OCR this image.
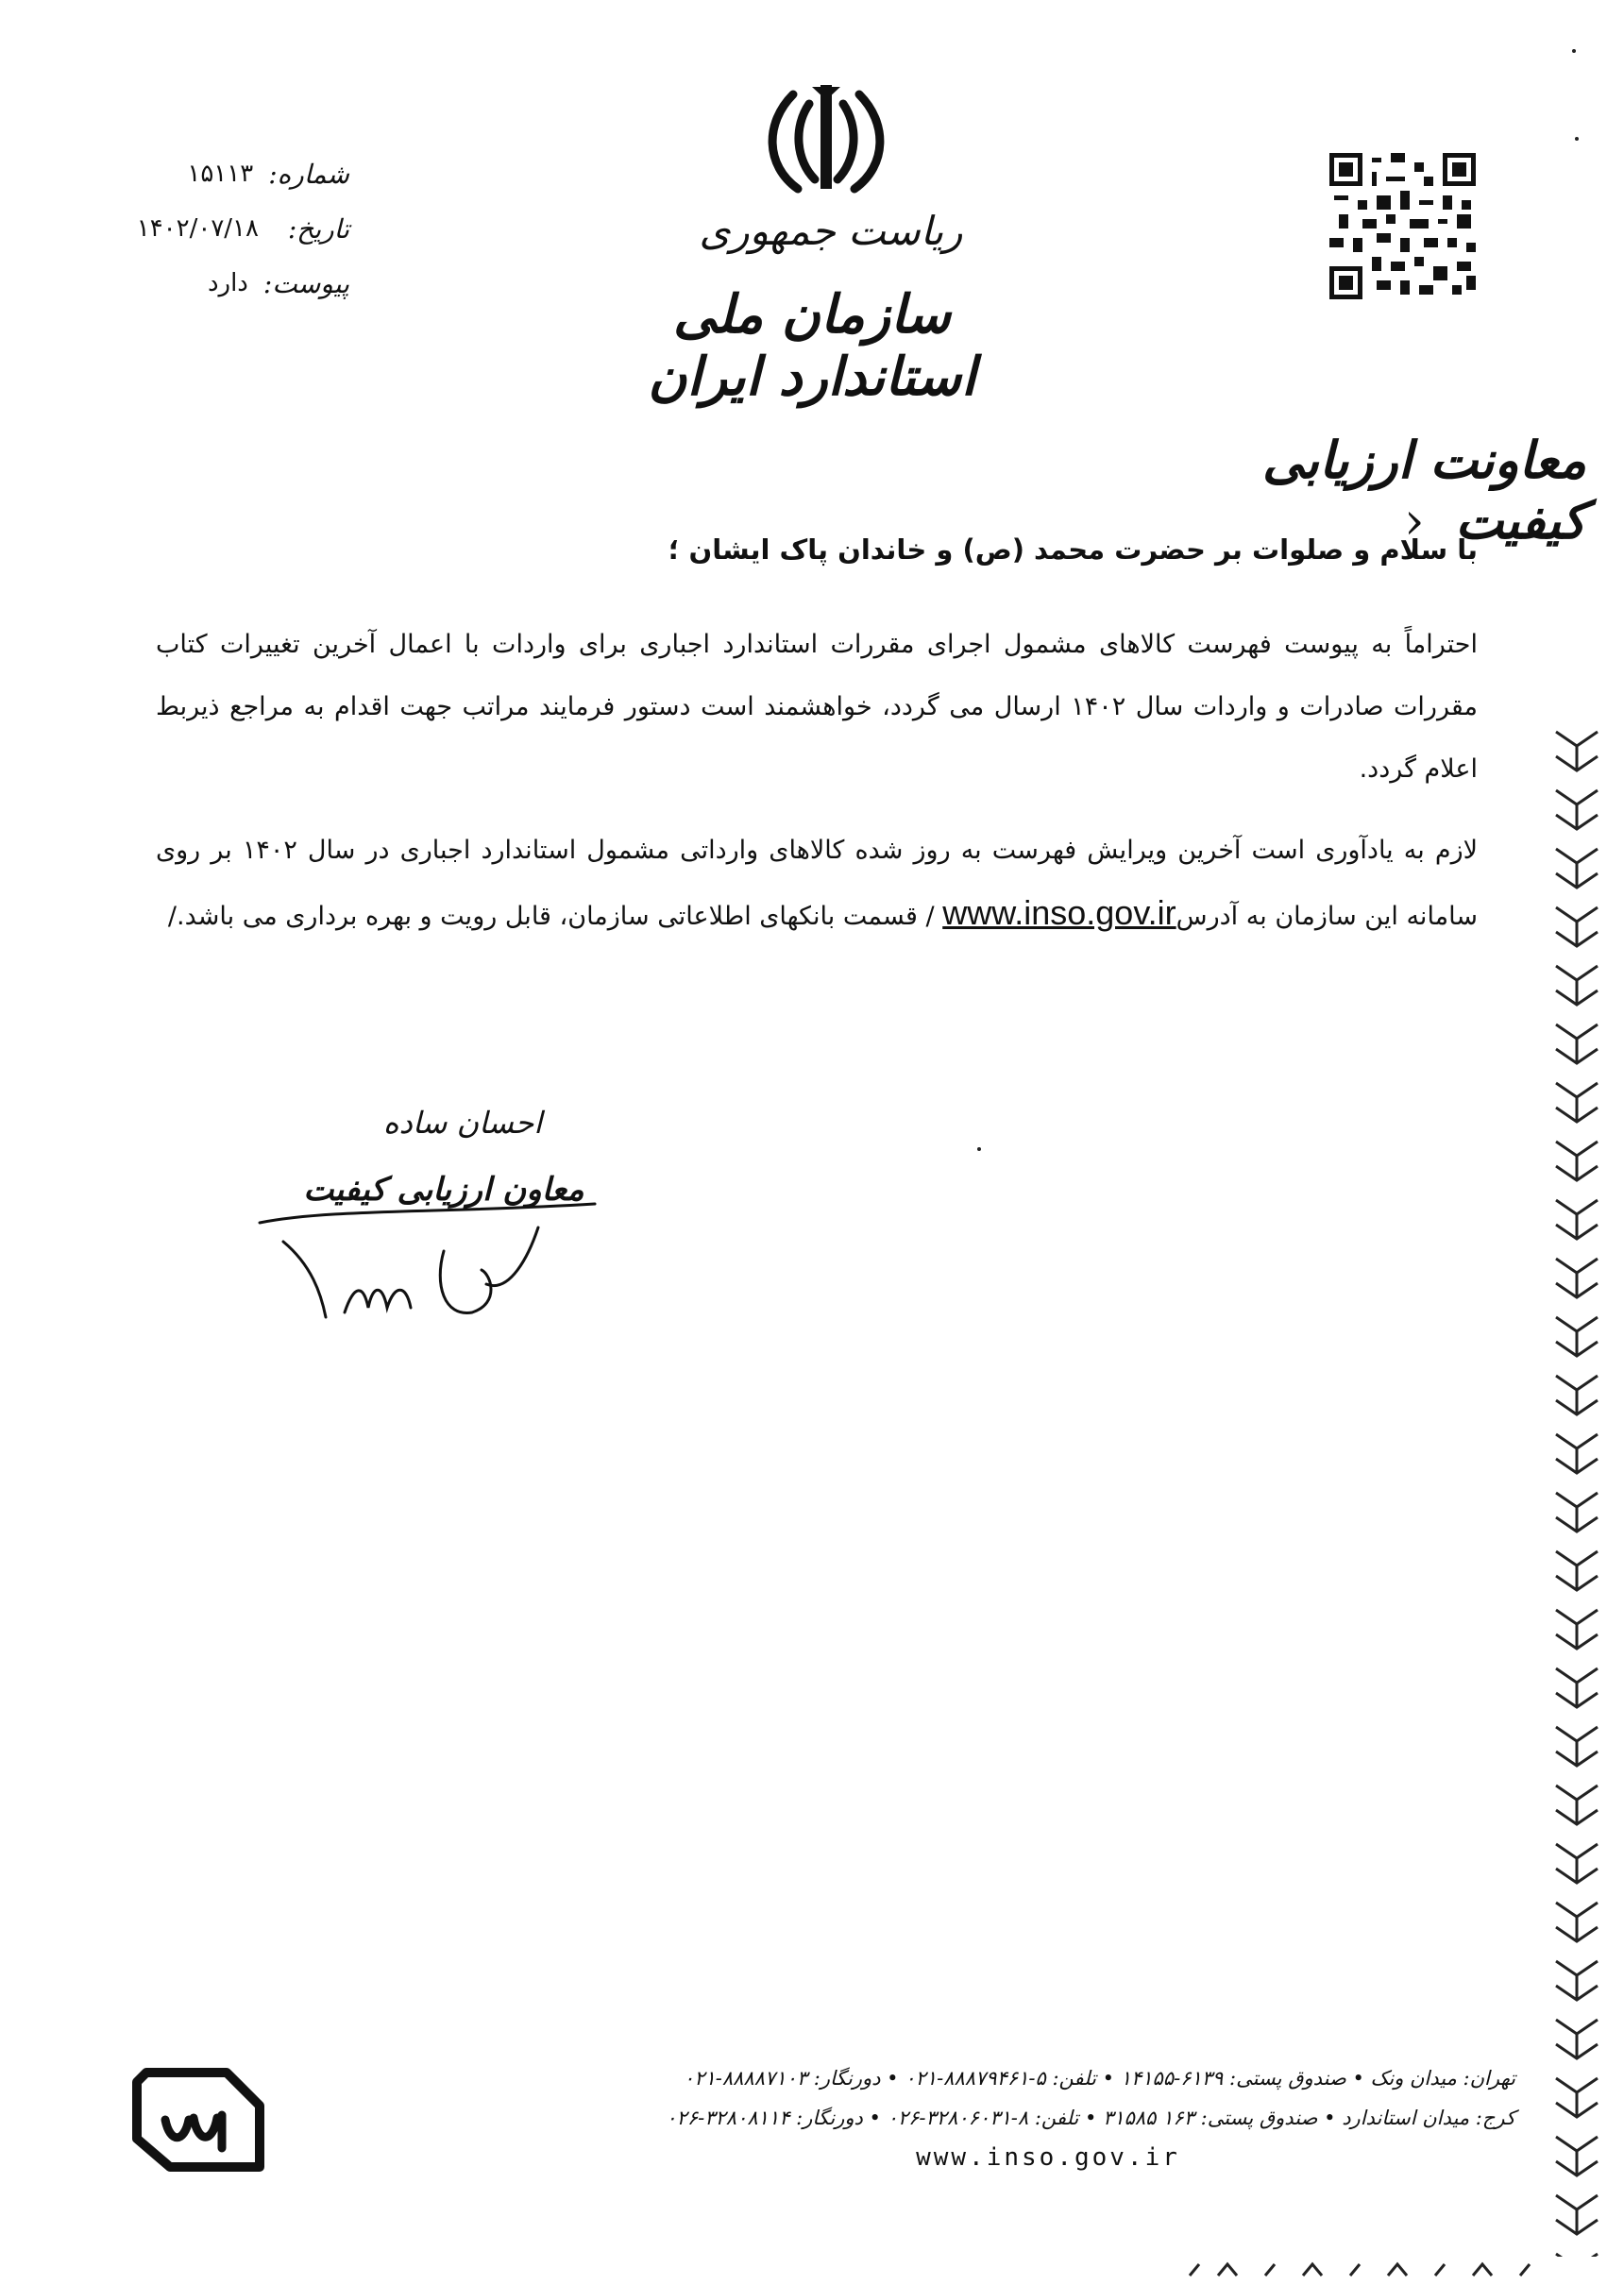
ریاست جمهوری
سازمان ملی استاندارد ایران
شماره:
۱۵۱۱۳
تاریخ:
۱۴۰۲/۰۷/۱۸
پیوست:
دارد
معاونت ارزیابی کیفیت ‹
با سلام و صلوات بر حضرت محمد (ص) و خاندان پاک ایشان ؛
احتراماً به پیوست فهرست کالاهای مشمول اجرای مقررات استاندارد اجباری برای واردات با اعمال آخرین تغییرات کتاب مقررات صادرات و واردات سال ۱۴۰۲ ارسال می گردد، خواهشمند است دستور فرمایند مراتب جهت اقدام به مراجع ذیربط اعلام گردد.
لازم به یادآوری است آخرین ویرایش فهرست به روز شده کالاهای وارداتی مشمول استاندارد اجباری در سال ۱۴۰۲ بر روی سامانه این سازمان به آدرسwww.inso.gov.ir / قسمت بانکهای اطلاعاتی سازمان، قابل رویت و بهره برداری می باشد./
احسان ساده
معاون ارزیابی کیفیت
تهران: میدان ونک • صندوق پستی: ۶۱۳۹-۱۴۱۵۵ • تلفن: ۵-۸۸۸۷۹۴۶۱-۰۲۱ • دورنگار: ۸۸۸۸۷۱۰۳-۰۲۱
کرج: میدان استاندارد • صندوق پستی: ۱۶۳ ۳۱۵۸۵ • تلفن: ۸-۳۲۸۰۶۰۳۱-۰۲۶ • دورنگار: ۳۲۸۰۸۱۱۴-۰۲۶
www.inso.gov.ir
